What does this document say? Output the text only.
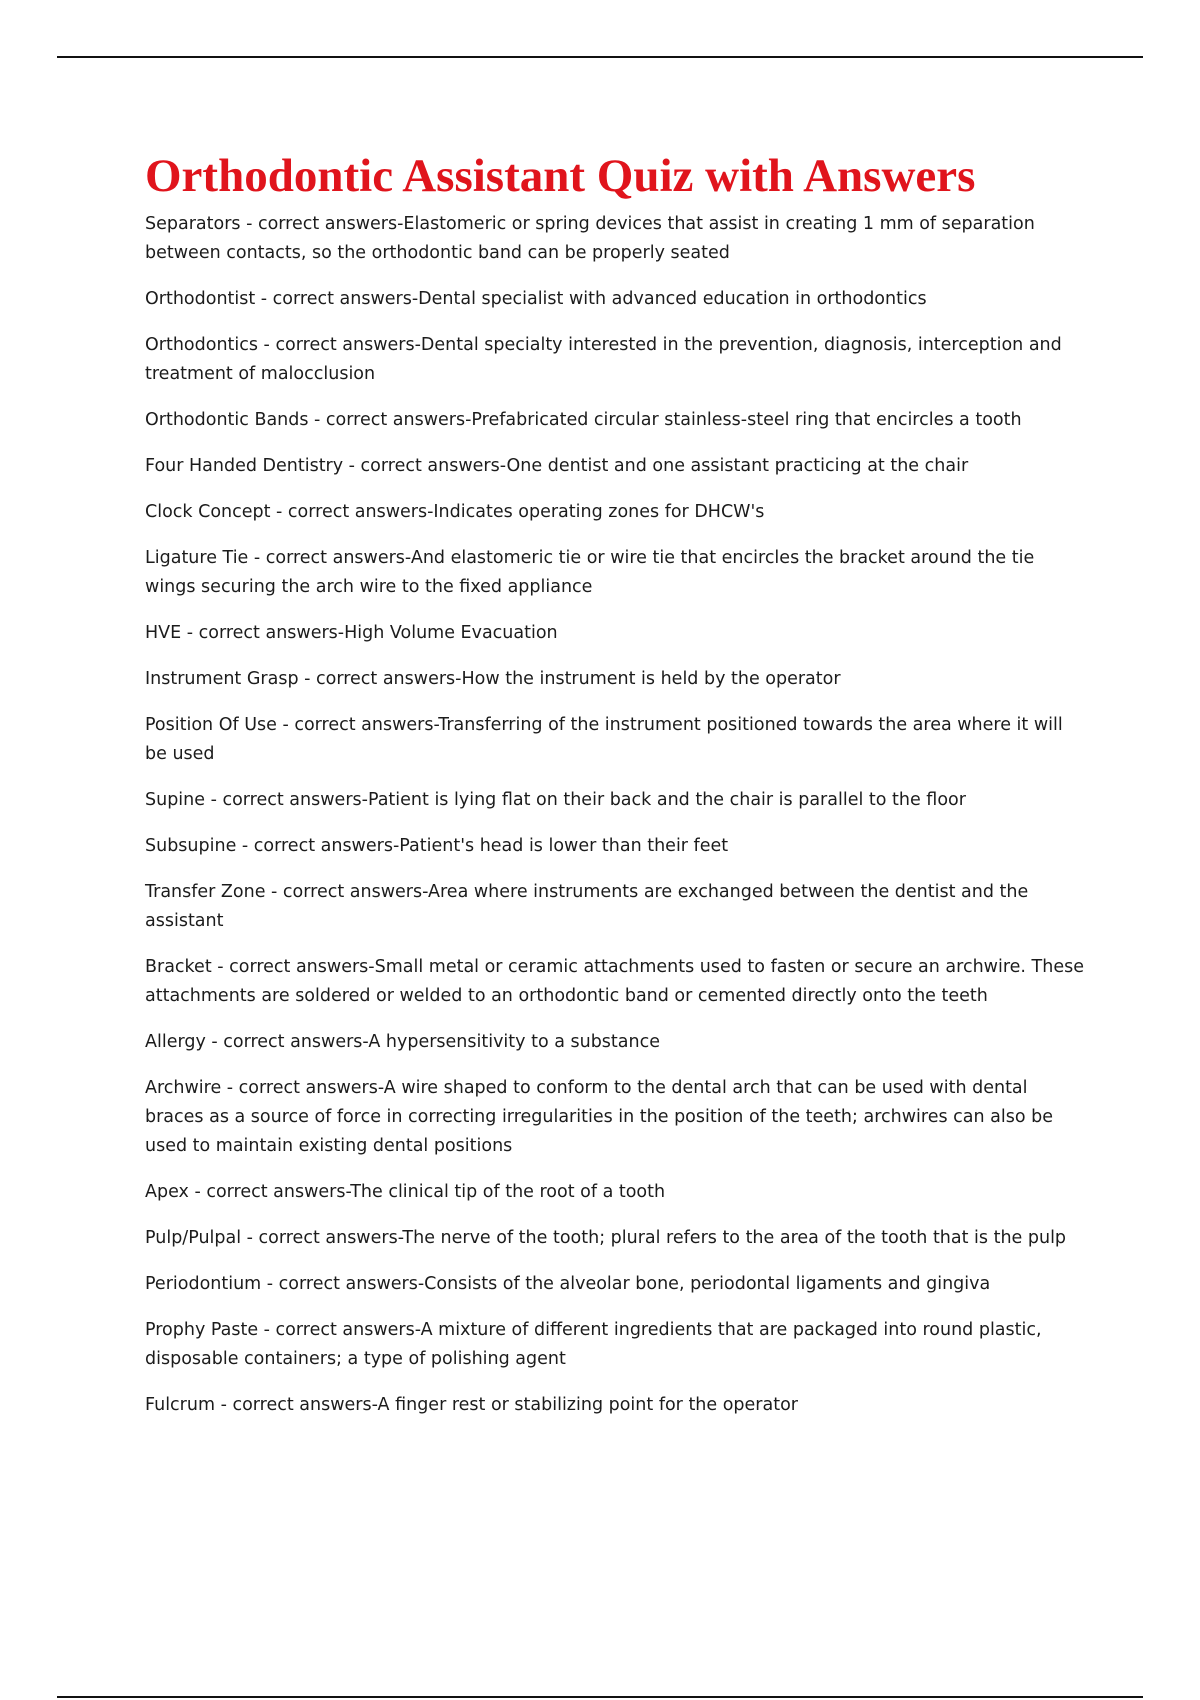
Orthodontic Assistant Quiz with Answers
Separators - correct answers-Elastomeric or spring devices that assist in creating 1 mm of separation between contacts, so the orthodontic band can be properly seated
Orthodontist - correct answers-Dental specialist with advanced education in orthodontics
Orthodontics - correct answers-Dental specialty interested in the prevention, diagnosis, interception and treatment of malocclusion
Orthodontic Bands - correct answers-Prefabricated circular stainless-steel ring that encircles a tooth
Four Handed Dentistry - correct answers-One dentist and one assistant practicing at the chair
Clock Concept - correct answers-Indicates operating zones for DHCW's
Ligature Tie - correct answers-And elastomeric tie or wire tie that encircles the bracket around the tie wings securing the arch wire to the fixed appliance
HVE - correct answers-High Volume Evacuation
Instrument Grasp - correct answers-How the instrument is held by the operator
Position Of Use - correct answers-Transferring of the instrument positioned towards the area where it will be used
Supine - correct answers-Patient is lying flat on their back and the chair is parallel to the floor
Subsupine - correct answers-Patient's head is lower than their feet
Transfer Zone - correct answers-Area where instruments are exchanged between the dentist and the assistant
Bracket - correct answers-Small metal or ceramic attachments used to fasten or secure an archwire. These attachments are soldered or welded to an orthodontic band or cemented directly onto the teeth
Allergy - correct answers-A hypersensitivity to a substance
Archwire - correct answers-A wire shaped to conform to the dental arch that can be used with dental braces as a source of force in correcting irregularities in the position of the teeth; archwires can also be used to maintain existing dental positions
Apex - correct answers-The clinical tip of the root of a tooth
Pulp/Pulpal - correct answers-The nerve of the tooth; plural refers to the area of the tooth that is the pulp
Periodontium - correct answers-Consists of the alveolar bone, periodontal ligaments and gingiva
Prophy Paste - correct answers-A mixture of different ingredients that are packaged into round plastic, disposable containers; a type of polishing agent
Fulcrum - correct answers-A finger rest or stabilizing point for the operator
